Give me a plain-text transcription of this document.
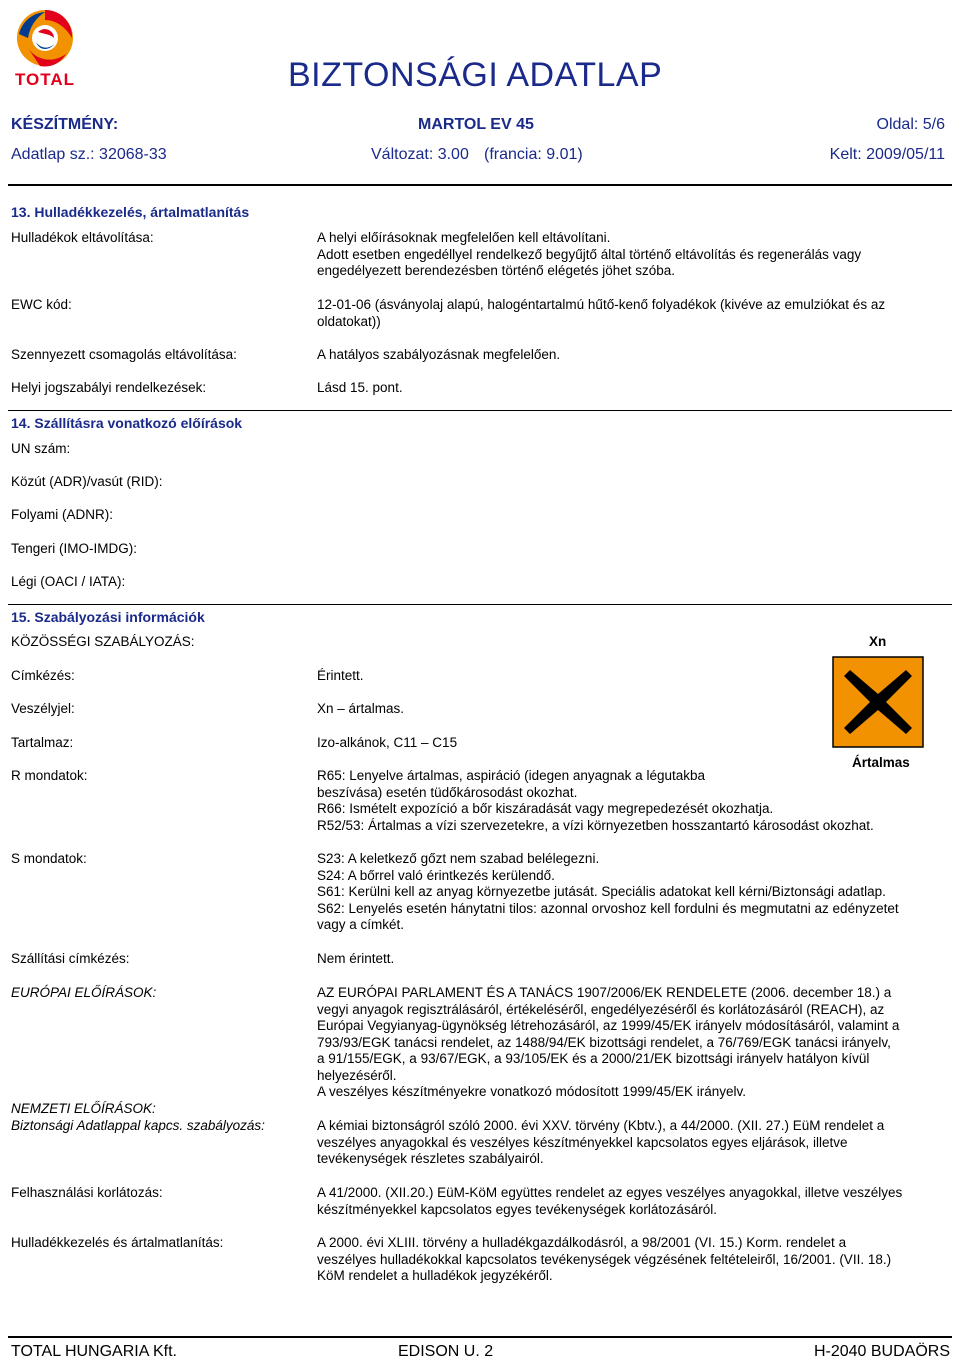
TOTAL	BIZTONSÁGI ADATLAP
KÉSZÍTMÉNY:	MARTOL EV 45	Oldal: 5/6
Adatlap sz.: 32068-33	Változat: 3.00 (francia: 9.01)	Kelt: 2009/05/11
13. Hulladékkezelés, ártalmatlanítás
Hulladékok eltávolítása:	A helyi előírásoknak megfelelően kell eltávolítani.
Adott esetben engedéllyel rendelkező begyűjtő által történő eltávolítás és regenerálás vagy
engedélyezett berendezésben történő elégetés jöhet szóba.
EWC kód:	12-01-06 (ásványolaj alapú, halogéntartalmú hűtő-kenő folyadékok (kivéve az emulziókat és az
oldatokat))
Szennyezett csomagolás eltávolítása:	A hatályos szabályozásnak megfelelően.
Helyi jogszabályi rendelkezések:	Lásd 15. pont.
14. Szállításra vonatkozó előírások
UN szám:
Közút (ADR)/vasút (RID):
Folyami (ADNR):
Tengeri (IMO-IMDG):
Légi (OACI / IATA):
15. Szabályozási információk
KÖZÖSSÉGI SZABÁLYOZÁS:	Xn
Ártalmas
Címkézés:	Érintett.
Veszélyjel:	Xn – ártalmas.
Tartalmaz:	Izo-alkánok, C11 – C15
R mondatok:	R65: Lenyelve ártalmas, aspiráció (idegen anyagnak a légutakba
beszívása) esetén tüdőkárosodást okozhat.
R66: Ismételt expozíció a bőr kiszáradását vagy megrepedezését okozhatja.
R52/53: Ártalmas a vízi szervezetekre, a vízi környezetben hosszantartó károsodást okozhat.
S mondatok:	S23: A keletkező gőzt nem szabad belélegezni.
S24: A bőrrel való érintkezés kerülendő.
S61: Kerülni kell az anyag környezetbe jutását. Speciális adatokat kell kérni/Biztonsági adatlap.
S62: Lenyelés esetén hánytatni tilos: azonnal orvoshoz kell fordulni és megmutatni az edényzetet
vagy a címkét.
Szállítási címkézés:	Nem érintett.
EURÓPAI ELŐÍRÁSOK:	AZ EURÓPAI PARLAMENT ÉS A TANÁCS 1907/2006/EK RENDELETE (2006. december 18.) a
vegyi anyagok regisztrálásáról, értékeléséről, engedélyezéséről és korlátozásáról (REACH), az
Európai Vegyianyag-ügynökség létrehozásáról, az 1999/45/EK irányelv módosításáról, valamint a
793/93/EGK tanácsi rendelet, az 1488/94/EK bizottsági rendelet, a 76/769/EGK tanácsi irányelv,
a 91/155/EGK, a 93/67/EGK, a 93/105/EK és a 2000/21/EK bizottsági irányelv hatályon kívül
helyezéséről.
A veszélyes készítményekre vonatkozó módosított 1999/45/EK irányelv.
NEMZETI ELŐÍRÁSOK:
Biztonsági Adatlappal kapcs. szabályozás:	A kémiai biztonságról szóló 2000. évi XXV. törvény (Kbtv.), a 44/2000. (XII. 27.) EüM rendelet a
veszélyes anyagokkal és veszélyes készítményekkel kapcsolatos egyes eljárások, illetve
tevékenységek részletes szabályairól.
Felhasználási korlátozás:	A 41/2000. (XII.20.) EüM-KöM együttes rendelet az egyes veszélyes anyagokkal, illetve veszélyes
készítményekkel kapcsolatos egyes tevékenységek korlátozásáról.
Hulladékkezelés és ártalmatlanítás:	A 2000. évi XLIII. törvény a hulladékgazdálkodásról, a 98/2001 (VI. 15.) Korm. rendelet a
veszélyes hulladékokkal kapcsolatos tevékenységek végzésének feltételeiről, 16/2001. (VII. 18.)
KöM rendelet a hulladékok jegyzékéről.
TOTAL HUNGARIA Kft.	EDISON U. 2	H-2040 BUDAÖRS
